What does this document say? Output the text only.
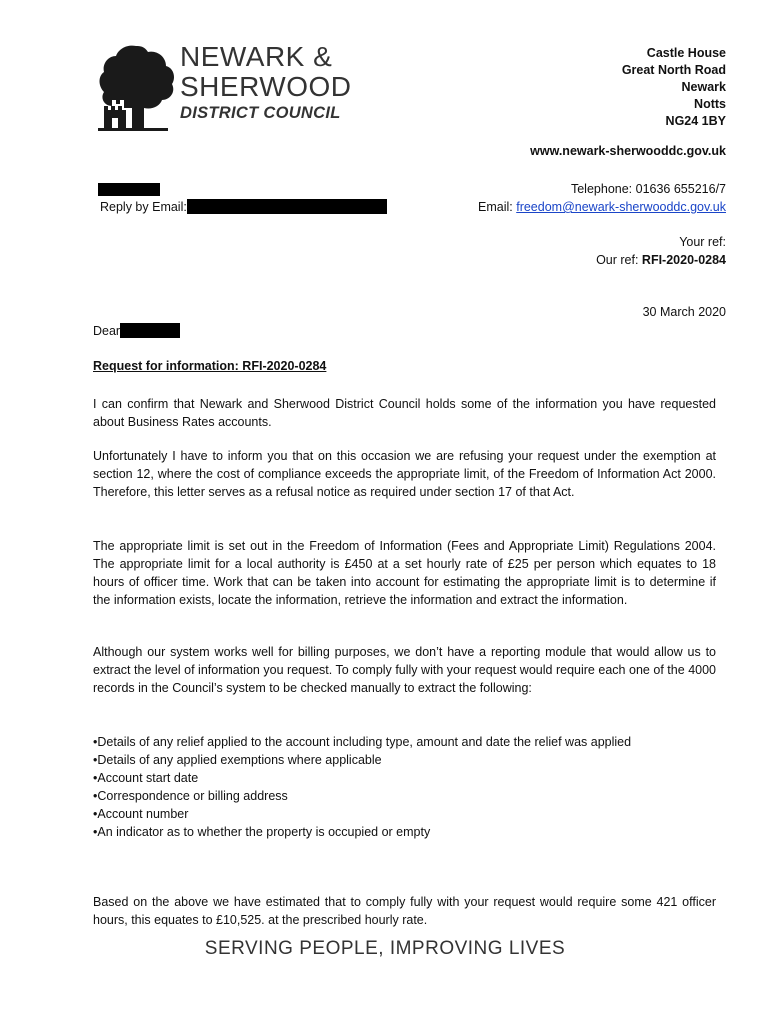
NEWARK &
SHERWOOD
DISTRICT COUNCIL
Castle House
Great North Road
Newark
Notts
NG24 1BY
www.newark-sherwooddc.gov.uk
Telephone: 01636 655216/7
Email: freedom@newark-sherwooddc.gov.uk
Reply by Email:
Your ref:
Our ref: RFI-2020-0284
30 March 2020
Dear
Request for information: RFI-2020-0284

I can confirm that Newark and Sherwood District Council holds some of the information you have requested about Business Rates accounts.

Unfortunately I have to inform you that on this occasion we are refusing your request under the exemption at section 12, where the cost of compliance exceeds the appropriate limit, of the Freedom of Information Act 2000. Therefore, this letter serves as a refusal notice as required under section 17 of that Act.

The appropriate limit is set out in the Freedom of Information (Fees and Appropriate Limit) Regulations 2004. The appropriate limit for a local authority is £450 at a set hourly rate of £25 per person which equates to 18 hours of officer time. Work that can be taken into account for estimating the appropriate limit is to determine if the information exists, locate the information, retrieve the information and extract the information.

Although our system works well for billing purposes, we don’t have a reporting module that would allow us to extract the level of information you request. To comply fully with your request would require each one of the 4000 records in the Council’s system to be checked manually to extract the following:

• Details of any relief applied to the account including type, amount and date the relief was applied
• Details of any applied exemptions where applicable
• Account start date
• Correspondence or billing address
• Account number
• An indicator as to whether the property is occupied or empty

Based on the above we have estimated that to comply fully with your request would require some 421 officer hours, this equates to £10,525. at the prescribed hourly rate.

SERVING PEOPLE, IMPROVING LIVES
